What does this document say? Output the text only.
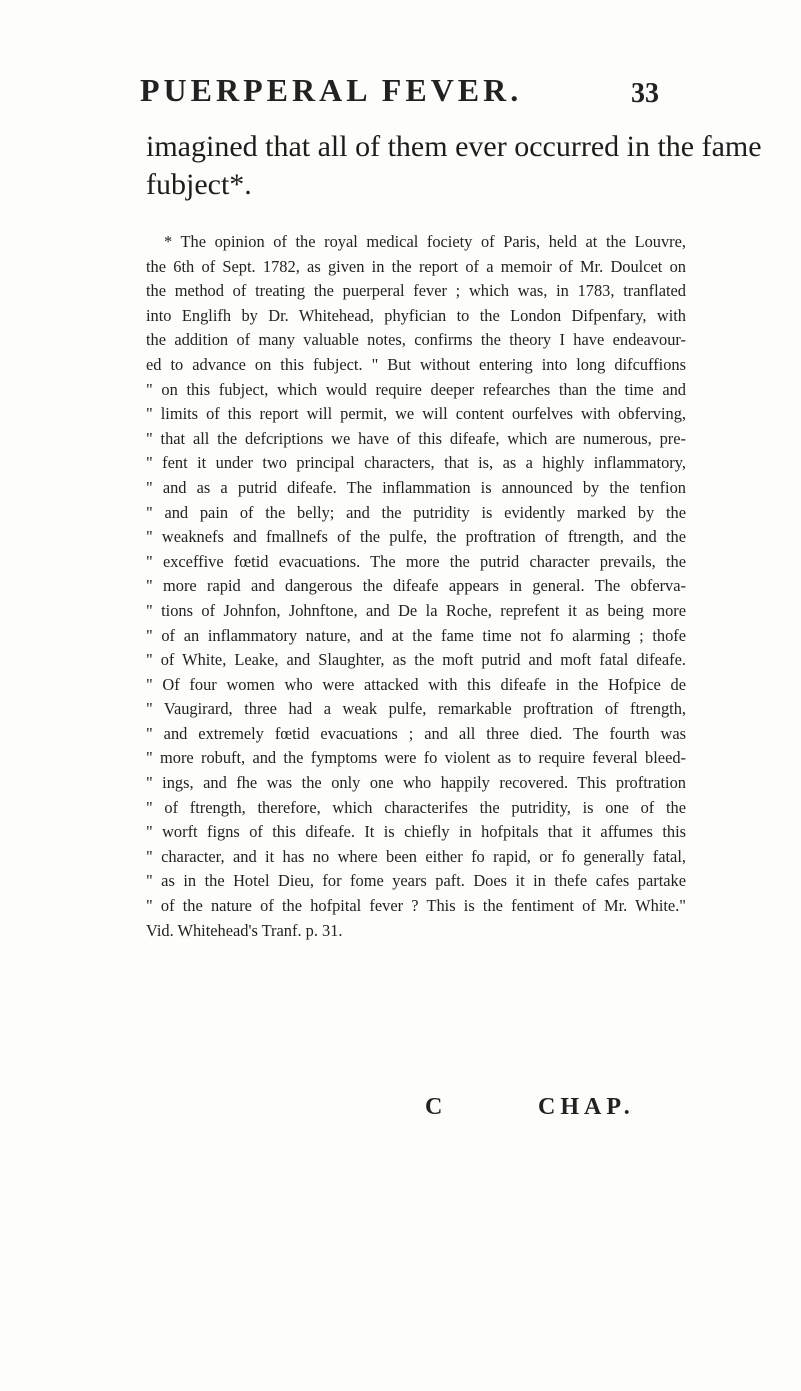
PUERPERAL FEVER.	33
imagined that all of them ever occurred in the fame
fubject*.
* The opinion of the royal medical fociety of Paris, held at the Louvre,
the 6th of Sept. 1782, as given in the report of a memoir of Mr. Doulcet on
the method of treating the puerperal fever ; which was, in 1783, tranflated
into Englifh by Dr. Whitehead, phyfician to the London Difpenfary, with
the addition of many valuable notes, confirms the theory I have endeavour-
ed to advance on this fubject. " But without entering into long difcuffions
" on this fubject, which would require deeper refearches than the time and
" limits of this report will permit, we will content ourfelves with obferving,
" that all the defcriptions we have of this difeafe, which are numerous, pre-
" fent it under two principal characters, that is, as a highly inflammatory,
" and as a putrid difeafe. The inflammation is announced by the tenfion
" and pain of the belly; and the putridity is evidently marked by the
" weaknefs and fmallnefs of the pulfe, the proftration of ftrength, and the
" exceffive fœtid evacuations. The more the putrid character prevails, the
" more rapid and dangerous the difeafe appears in general. The obferva-
" tions of Johnfon, Johnftone, and De la Roche, reprefent it as being more
" of an inflammatory nature, and at the fame time not fo alarming ; thofe
" of White, Leake, and Slaughter, as the moft putrid and moft fatal difeafe.
" Of four women who were attacked with this difeafe in the Hofpice de
" Vaugirard, three had a weak pulfe, remarkable proftration of ftrength,
" and extremely fœtid evacuations ; and all three died. The fourth was
" more robuft, and the fymptoms were fo violent as to require feveral bleed-
" ings, and fhe was the only one who happily recovered. This proftration
" of ftrength, therefore, which characterifes the putridity, is one of the
" worft figns of this difeafe. It is chiefly in hofpitals that it affumes this
" character, and it has no where been either fo rapid, or fo generally fatal,
" as in the Hotel Dieu, for fome years paft. Does it in thefe cafes partake
" of the nature of the hofpital fever ? This is the fentiment of Mr. White."
Vid. Whitehead's Tranf. p. 31.
C	CHAP.
